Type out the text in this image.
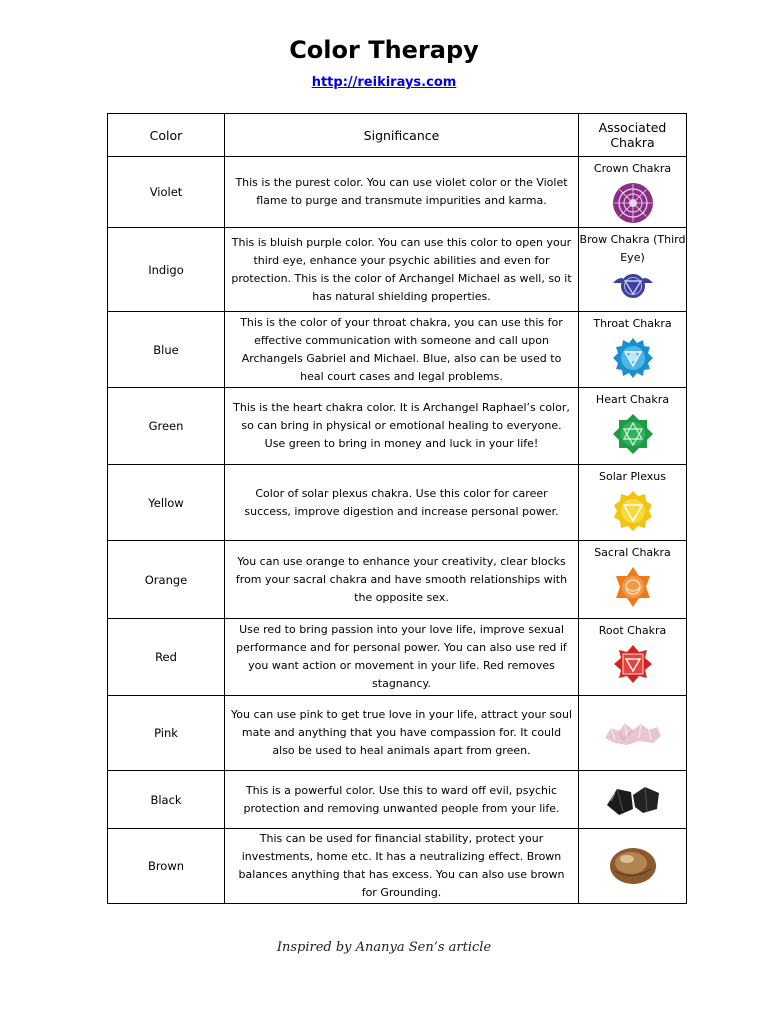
Color Therapy
http://reikirays.com
Color	Significance	Associated Chakra
Violet	This is the purest color. You can use violet color or the Violet flame to purge and transmute impurities and karma.	Crown Chakra

Indigo	This is bluish purple color. You can use this color to open your third eye, enhance your psychic abilities and even for protection. This is the color of Archangel Michael as well, so it has natural shielding properties.	Brow Chakra (Third Eye)

Blue	This is the color of your throat chakra, you can use this for effective communication with someone and call upon Archangels Gabriel and Michael. Blue, also can be used to heal court cases and legal problems.	Throat Chakra

Green	This is the heart chakra color. It is Archangel Raphael’s color, so can bring in physical or emotional healing to everyone. Use green to bring in money and luck in your life!	Heart Chakra

Yellow	Color of solar plexus chakra. Use this color for career success, improve digestion and increase personal power.	Solar Plexus

Orange	You can use orange to enhance your creativity, clear blocks from your sacral chakra and have smooth relationships with the opposite sex.	Sacral Chakra

Red	Use red to bring passion into your love life, improve sexual performance and for personal power. You can also use red if you want action or movement in your life. Red removes stagnancy.	Root Chakra

Pink	You can use pink to get true love in your life, attract your soul mate and anything that you have compassion for. It could also be used to heal animals apart from green.	

Black	This is a powerful color. Use this to ward off evil, psychic protection and removing unwanted people from your life.	

Brown	This can be used for financial stability, protect your investments, home etc. It has a neutralizing effect. Brown balances anything that has excess. You can also use brown for Grounding.	
Inspired by Ananya Sen’s article
